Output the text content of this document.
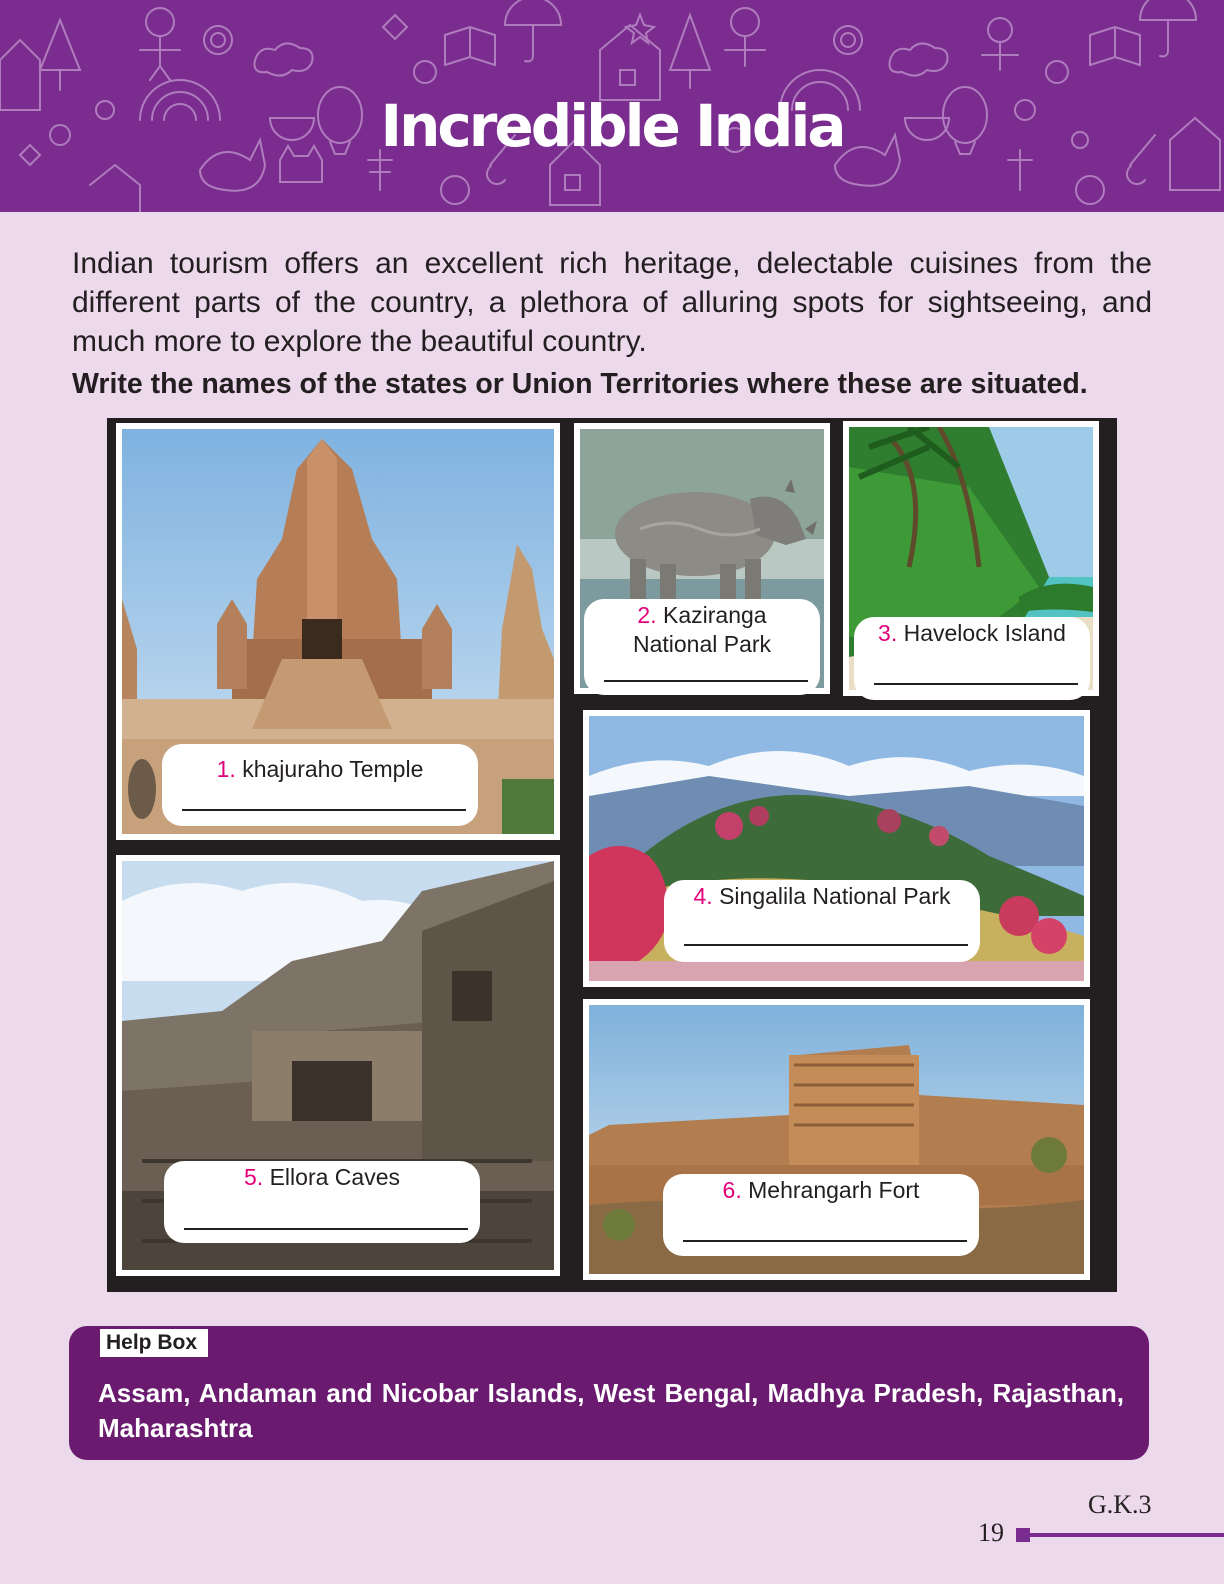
Incredible India

Indian tourism offers an excellent rich heritage, delectable cuisines from the different parts of the country, a plethora of alluring spots for sightseeing, and much more to explore the beautiful country.

Write the names of the states or Union Territories where these are situated.

1. khajuraho Temple
2. Kaziranga
National Park	3. Havelock Island
4. Singalila National Park
5. Ellora Caves	6. Mehrangarh Fort
Help Box

Assam, Andaman and Nicobar Islands, West Bengal, Madhya Pradesh, Rajasthan, Maharashtra

G.K.3
19
